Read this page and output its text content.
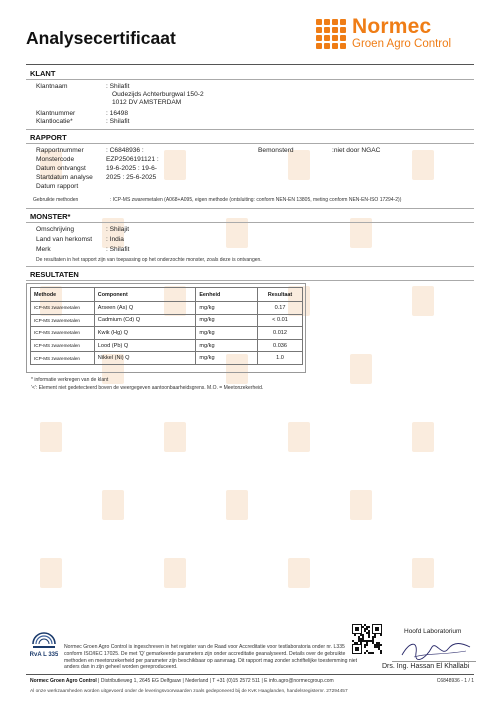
Analysecertificaat	Normec
Groen Agro Control
KLANT
Klantnaam	: Shilafit
Oudezijds Achterburgwal 150-2
1012 DV AMSTERDAM
Klantnummer	: 16498
Klantlocatie*	: Shilafit
RAPPORT
Rapportnummer	: C6848936 :	Bemonsterd	:niet door NGAC
Monstercode	EZP2506191121 :
Datum ontvangst	19-6-2025 : 19-6-
Startdatum analyse 2025 : 25-6-2025
Datum rapport
Gebruikte methoden	: ICP-MS zwaremetalen (A068+A095, eigen methode (ontsluiting: conform NEN-EN 13805, meting conform NEN-EN-ISO 17294-2))
MONSTER*
Omschrijving	: Shilajit
Land van herkomst : India
Merk	: Shilafit
De resultaten in het rapport zijn van toepassing op het onderzochte monster, zoals deze is ontvangen.
RESULTATEN
Methode	Component	Eenheid	Resultaat
ICP-MS zwaremetalen	Arseen (As) Q	mg/kg	0.17
ICP-MS zwaremetalen	Cadmium (Cd) Q	mg/kg	< 0.01
ICP-MS zwaremetalen	Kwik (Hg) Q	mg/kg	0.012
ICP-MS zwaremetalen	Lood (Pb) Q	mg/kg	0.036
ICP-MS zwaremetalen	Nikkel (Ni) Q	mg/kg	1.0
* informatie verkregen van de klant
'<': Element niet gedetecteerd boven de weergegeven aantoonbaarheidsgrens. M.O. = Meetonzekerheid.
RvA L 335
Normec Groen Agro Control is ingeschreven in het register van de Raad voor Accreditatie voor testlaboratoria onder nr. L335 conform ISO/IEC 17025. De met 'Q' gemarkeerde parameters zijn onder accreditatie geanalyseerd. Details over de gebruikte methoden en meetonzekerheid per parameter zijn beschikbaar op aanvraag. Dit rapport mag zonder schriftelijke toestemming niet anders dan in zijn geheel worden gereproduceerd.
Hoofd Laboratorium
Drs. Ing. Hassan El Khallabi
Normec Groen Agro Control | Distributieweg 1, 2645 EG Delfgauw | Nederland | T +31 (0)15 2572 511 | E info.agro@normecgroup.com	C6848936 - 1 / 1
Al onze werkzaamheden worden uitgevoerd onder de leveringsvoorwaarden zoals gedeponeerd bij de KvK Haaglanden, handelsregisternr. 27294457
